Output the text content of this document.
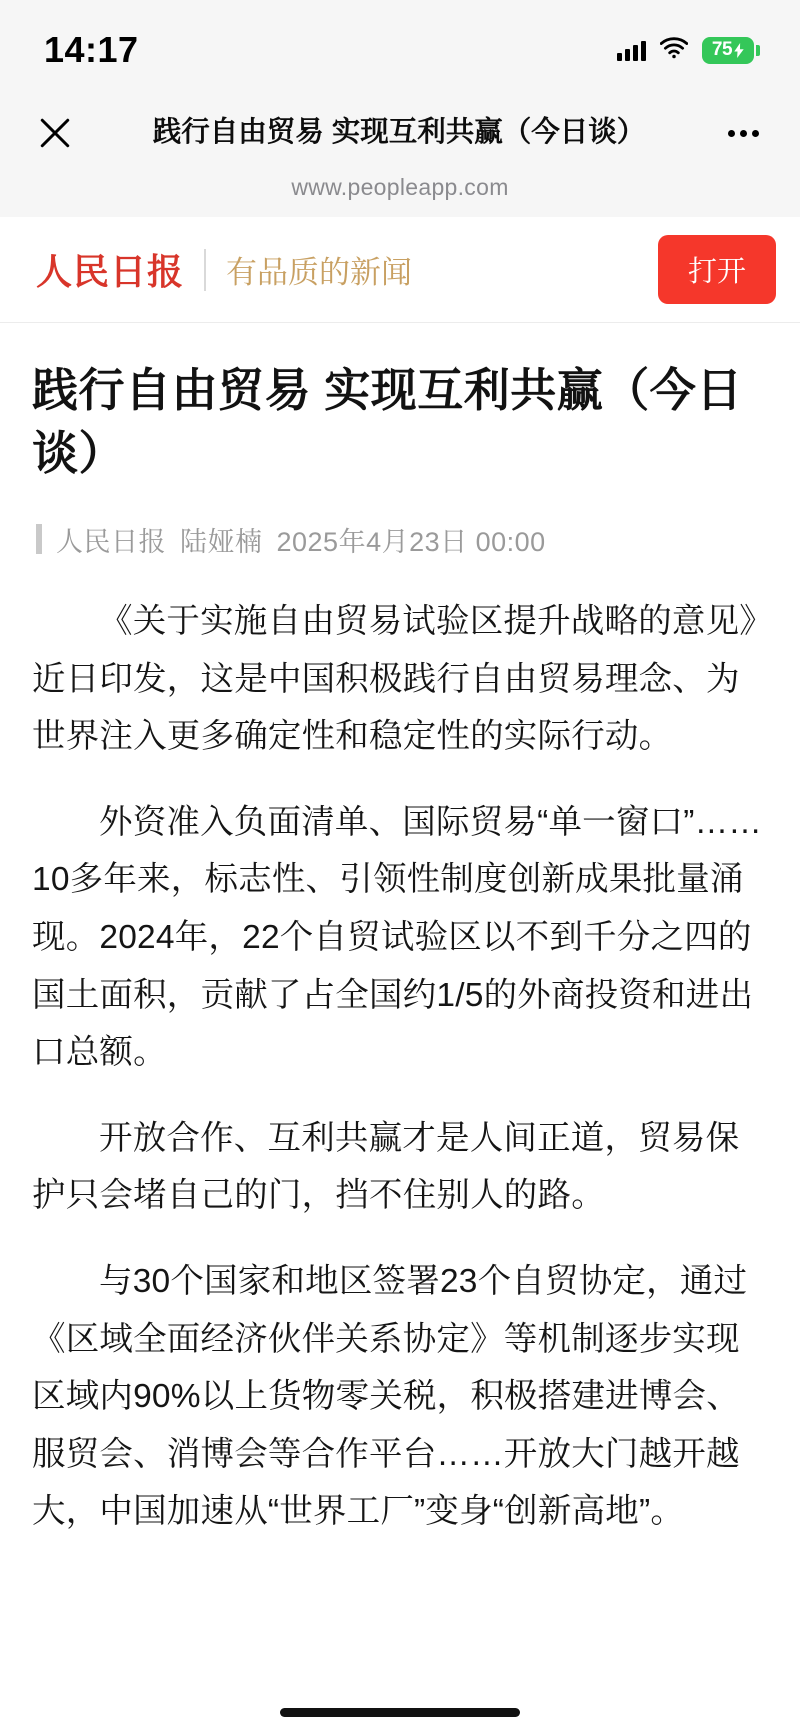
14:17	75
践行自由贸易 实现互利共赢（今日谈）
www.peopleapp.com
人民日报 有品质的新闻	打开
践行自由贸易 实现互利共赢（今日谈）
人民日报 陆娅楠 2025年4月23日 00:00

《关于实施自由贸易试验区提升战略的意见》近日印发，这是中国积极践行自由贸易理念、为世界注入更多确定性和稳定性的实际行动。

外资准入负面清单、国际贸易“单一窗口”……10多年来，标志性、引领性制度创新成果批量涌现。2024年，22个自贸试验区以不到千分之四的国土面积，贡献了占全国约1/5的外商投资和进出口总额。

开放合作、互利共赢才是人间正道，贸易保护只会堵自己的门，挡不住别人的路。

与30个国家和地区签署23个自贸协定，通过《区域全面经济伙伴关系协定》等机制逐步实现区域内90%以上货物零关税，积极搭建进博会、服贸会、消博会等合作平台……开放大门越开越大，中国加速从“世界工厂”变身“创新高地”。
